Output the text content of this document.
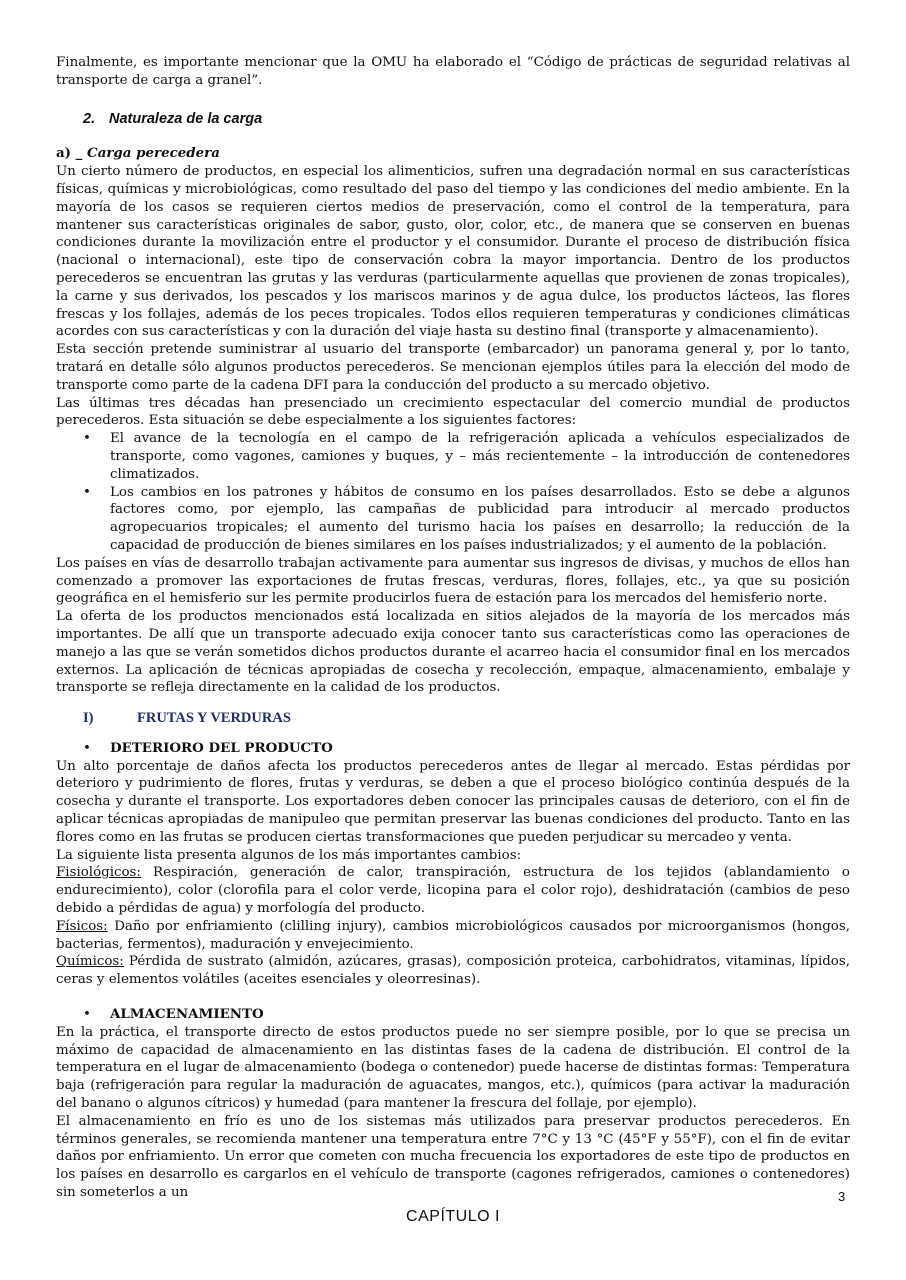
Finalmente, es importante mencionar que la OMU ha elaborado el “Código de prácticas de seguridad relativas al transporte de carga a granel”.

2. Naturaleza de la carga
a) _ Carga perecedera

Un cierto número de productos, en especial los alimenticios, sufren una degradación normal en sus características físicas, químicas y microbiológicas, como resultado del paso del tiempo y las condiciones del medio ambiente. En la mayoría de los casos se requieren ciertos medios de preservación, como el control de la temperatura, para mantener sus características originales de sabor, gusto, olor, color, etc., de manera que se conserven en buenas condiciones durante la movilización entre el productor y el consumidor. Durante el proceso de distribución física (nacional o internacional), este tipo de conservación cobra la mayor importancia. Dentro de los productos perecederos se encuentran las grutas y las verduras (particularmente aquellas que provienen de zonas tropicales), la carne y sus derivados, los pescados y los mariscos marinos y de agua dulce, los productos lácteos, las flores frescas y los follajes, además de los peces tropicales. Todos ellos requieren temperaturas y condiciones climáticas acordes con sus características y con la duración del viaje hasta su destino final (transporte y almacenamiento).

Esta sección pretende suministrar al usuario del transporte (embarcador) un panorama general y, por lo tanto, tratará en detalle sólo algunos productos perecederos. Se mencionan ejemplos útiles para la elección del modo de transporte como parte de la cadena DFI para la conducción del producto a su mercado objetivo.

Las últimas tres décadas han presenciado un crecimiento espectacular del comercio mundial de productos perecederos. Esta situación se debe especialmente a los siguientes factores:

• El avance de la tecnología en el campo de la refrigeración aplicada a vehículos especializados de transporte, como vagones, camiones y buques, y – más recientemente – la introducción de contenedores climatizados.
• Los cambios en los patrones y hábitos de consumo en los países desarrollados. Esto se debe a algunos factores como, por ejemplo, las campañas de publicidad para introducir al mercado productos agropecuarios tropicales; el aumento del turismo hacia los países en desarrollo; la reducción de la capacidad de producción de bienes similares en los países industrializados; y el aumento de la población.

Los países en vías de desarrollo trabajan activamente para aumentar sus ingresos de divisas, y muchos de ellos han comenzado a promover las exportaciones de frutas frescas, verduras, flores, follajes, etc., ya que su posición geográfica en el hemisferio sur les permite producirlos fuera de estación para los mercados del hemisferio norte.

La oferta de los productos mencionados está localizada en sitios alejados de la mayoría de los mercados más importantes. De allí que un transporte adecuado exija conocer tanto sus características como las operaciones de manejo a las que se verán sometidos dichos productos durante el acarreo hacia el consumidor final en los mercados externos. La aplicación de técnicas apropiadas de cosecha y recolección, empaque, almacenamiento, embalaje y transporte se refleja directamente en la calidad de los productos.

I)	FRUTAS Y VERDURAS
• DETERIORO DEL PRODUCTO

Un alto porcentaje de daños afecta los productos perecederos antes de llegar al mercado. Estas pérdidas por deterioro y pudrimiento de flores, frutas y verduras, se deben a que el proceso biológico continúa después de la cosecha y durante el transporte. Los exportadores deben conocer las principales causas de deterioro, con el fin de aplicar técnicas apropiadas de manipuleo que permitan preservar las buenas condiciones del producto. Tanto en las flores como en las frutas se producen ciertas transformaciones que pueden perjudicar su mercadeo y venta.

La siguiente lista presenta algunos de los más importantes cambios:

Fisiológicos: Respiración, generación de calor, transpiración, estructura de los tejidos (ablandamiento o endurecimiento), color (clorofila para el color verde, licopina para el color rojo), deshidratación (cambios de peso debido a pérdidas de agua) y morfología del producto.

Físicos: Daño por enfriamiento (clilling injury), cambios microbiológicos causados por microorganismos (hongos, bacterias, fermentos), maduración y envejecimiento.

Químicos: Pérdida de sustrato (almidón, azúcares, grasas), composición proteica, carbohidratos, vitaminas, lípidos, ceras y elementos volátiles (aceites esenciales y oleorresinas).

• ALMACENAMIENTO

En la práctica, el transporte directo de estos productos puede no ser siempre posible, por lo que se precisa un máximo de capacidad de almacenamiento en las distintas fases de la cadena de distribución. El control de la temperatura en el lugar de almacenamiento (bodega o contenedor) puede hacerse de distintas formas: Temperatura baja (refrigeración para regular la maduración de aguacates, mangos, etc.), químicos (para activar la maduración del banano o algunos cítricos) y humedad (para mantener la frescura del follaje, por ejemplo).

El almacenamiento en frío es uno de los sistemas más utilizados para preservar productos perecederos. En términos generales, se recomienda mantener una temperatura entre 7°C y 13 °C (45°F y 55°F), con el fin de evitar daños por enfriamiento. Un error que cometen con mucha frecuencia los exportadores de este tipo de productos en los países en desarrollo es cargarlos en el vehículo de transporte (cagones refrigerados, camiones o contenedores) sin someterlos a un	3
CAPÍTULO I
